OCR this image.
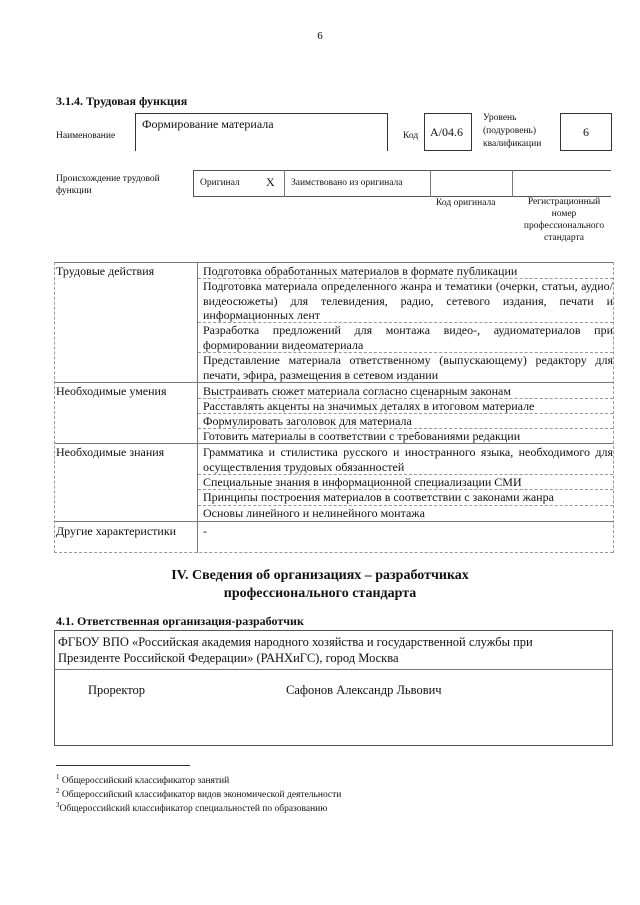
6
3.1.4. Трудовая функция
Наименование
Формирование материала
Код A/04.6
Уровень
(подуровень)
квалификации
6
Происхождение трудовой
функции
Оригинал X Заимствовано из оригинала
Код оригинала	Регистрационный
номер
профессионального
стандарта
Трудовые действия	Подготовка обработанных материалов в формате публикации
Подготовка материала определенного жанра и тематики (очерки, статьи, аудио/видеосюжеты) для телевидения, радио, сетевого издания, печати и информационных лент
Разработка предложений для монтажа видео-, аудиоматериалов при формировании видеоматериала
Представление материала ответственному (выпускающему) редактору для печати, эфира, размещения в сетевом издании
Необходимые умения	Выстраивать сюжет материала согласно сценарным законам
Расставлять акценты на значимых деталях в итоговом материале
Формулировать заголовок для материала
Готовить материалы в соответствии с требованиями редакции
Необходимые знания	Грамматика и стилистика русского и иностранного языка, необходимого для осуществления трудовых обязанностей
Специальные знания в информационной специализации СМИ
Принципы построения материалов в соответствии с законами жанра
Основы линейного и нелинейного монтажа
Другие характеристики -
IV. Сведения об организациях – разработчиках
профессионального стандарта
4.1. Ответственная организация-разработчик
ФГБОУ ВПО «Российская академия народного хозяйства и государственной службы при
Президенте Российской Федерации» (РАНХиГС), город Москва
Проректор	Сафонов Александр Львович
$^1$ Общероссийский классификатор занятий
$^2$ Общероссийский классификатор видов экономической деятельности
$^3$Общероссийский классификатор специальностей по образованию
